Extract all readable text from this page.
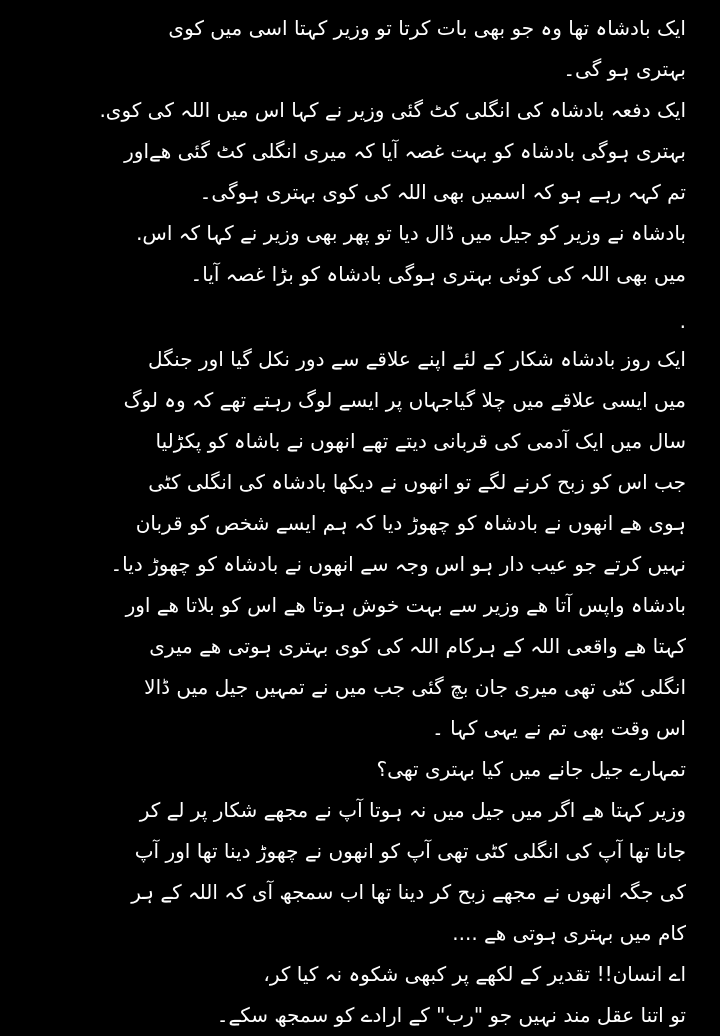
ایک بادشاہ تھا وہ جو بھی بات کرتا تو وزیر کہتا اسی میں کوی
بہتری ہو گی۔
ایک دفعہ بادشاہ کی انگلی کٹ گئی وزیر نے کہا اس میں اللہ کی کوی.
بہتری ہوگی بادشاہ کو بہت غصہ آیا کہ میری انگلی کٹ گئی ھےاور
تم کہہ رہے ہو کہ اسمیں بھی اللہ کی کوی بہتری ہوگی۔
بادشاہ نے وزیر کو جیل میں ڈال دیا تو پھر بھی وزیر نے کہا کہ اس.
میں بھی اللہ کی کوئی بہتری ہوگی بادشاہ کو بڑا غصہ آیا۔
.
ایک روز بادشاہ شکار کے لئے اپنے علاقے سے دور نکل گیا اور جنگل
میں ایسی علاقے میں چلا گیاجہاں پر ایسے لوگ رہتے تھے کہ وہ لوگ
سال میں ایک آدمی کی قربانی دیتے تھے انھوں نے باشاہ کو پکڑلیا
جب اس کو زبح کرنے لگے تو انھوں نے دیکھا بادشاہ کی انگلی کٹی
ہوی ھے انھوں نے بادشاہ کو چھوڑ دیا کہ ہم ایسے شخص کو قربان
نہیں کرتے جو عیب دار ہو اس وجہ سے انھوں نے بادشاہ کو چھوڑ دیا۔
بادشاہ واپس آتا ھے وزیر سے بہت خوش ہوتا ھے اس کو بلاتا ھے اور
کہتا ھے واقعی اللہ کے ہرکام اللہ کی کوی بہتری ہوتی ھے میری
انگلی کٹی تھی میری جان بچ گئی جب میں نے تمہیں جیل میں ڈالا
اس وقت بھی تم نے یہی کہا ۔
تمہارے جیل جانے میں کیا بہتری تھی؟
وزیر کہتا ھے اگر میں جیل میں نہ ہوتا آپ نے مجھے شکار پر لے کر
جانا تھا آپ کی انگلی کٹی تھی آپ کو انھوں نے چھوڑ دینا تھا اور آپ
کی جگہ انھوں نے مجھے زبح کر دینا تھا اب سمجھ آی کہ اللہ کے ہر
کام میں بہتری ہوتی ھے ....
اے انسان!! تقدیر کے لکھے پر کبھی شکوہ نہ کیا کر،
تو اتنا عقل مند نہیں جو "رب" کے ارادے کو سمجھ سکے۔
